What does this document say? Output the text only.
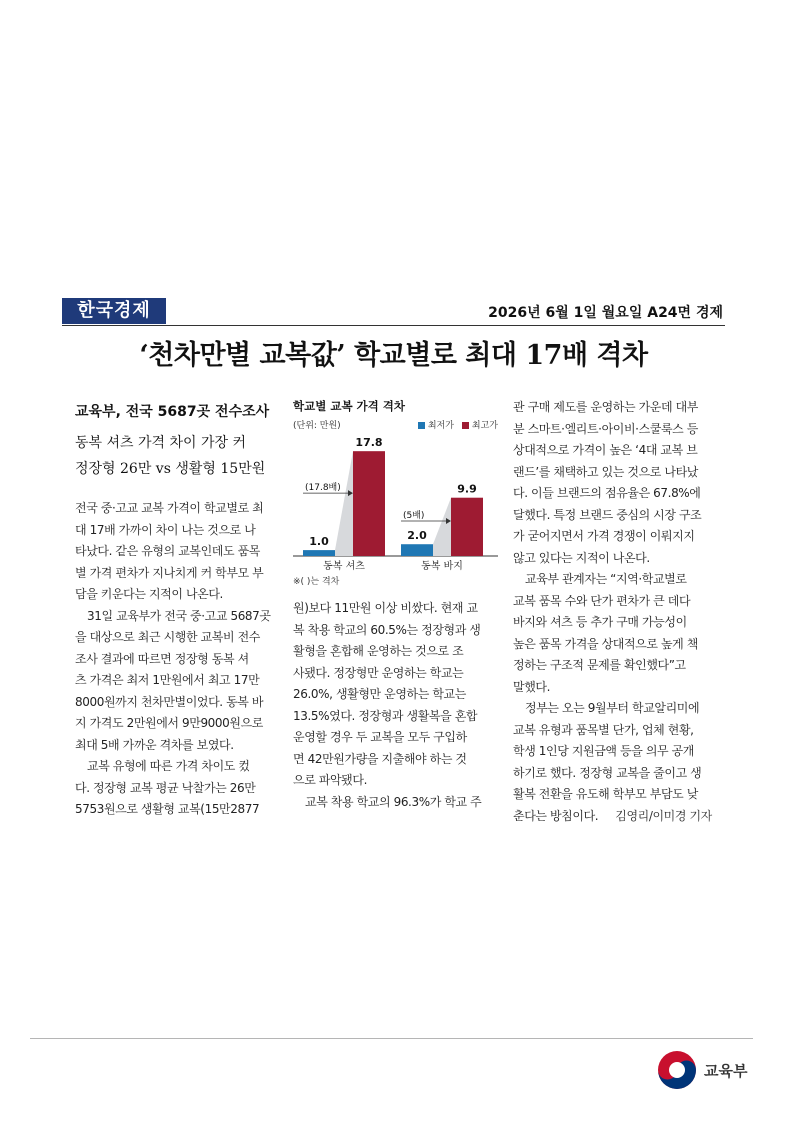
한국경제	2026년 6월 1일 월요일 A24면 경제
‘천차만별 교복값’ 학교별로 최대 17배 격차
교육부, 전국 5687곳 전수조사
동복 셔츠 가격 차이 가장 커
정장형 26만 vs 생활형 15만원

전국 중·고교 교복 가격이 학교별로 최

대 17배 가까이 차이 나는 것으로 나

타났다. 같은 유형의 교복인데도 품목

별 가격 편차가 지나치게 커 학부모 부

담을 키운다는 지적이 나온다.

31일 교육부가 전국 중·고교 5687곳

을 대상으로 최근 시행한 교복비 전수

조사 결과에 따르면 정장형 동복 셔

츠 가격은 최저 1만원에서 최고 17만

8000원까지 천차만별이었다. 동복 바

지 가격도 2만원에서 9만9000원으로

최대 5배 가까운 격차를 보였다.

교복 유형에 따른 가격 차이도 컸

다. 정장형 교복 평균 낙찰가는 26만

5753원으로 생활형 교복(15만2877

학교별 교복 가격 격차
(단위: 만원)	최저가	최고가
1.0
17.8
(17.8배)
동복 셔츠
2.0
9.9
(5배)
동복 바지
※( )는 격차

원)보다 11만원 이상 비쌌다. 현재 교

복 착용 학교의 60.5%는 정장형과 생

활형을 혼합해 운영하는 것으로 조

사됐다. 정장형만 운영하는 학교는

26.0%, 생활형만 운영하는 학교는

13.5%였다. 정장형과 생활복을 혼합

운영할 경우 두 교복을 모두 구입하

면 42만원가량을 지출해야 하는 것

으로 파악됐다.

교복 착용 학교의 96.3%가 학교 주

관 구매 제도를 운영하는 가운데 대부

분 스마트·엘리트·아이비·스쿨룩스 등

상대적으로 가격이 높은 ‘4대 교복 브

랜드’를 채택하고 있는 것으로 나타났

다. 이들 브랜드의 점유율은 67.8%에

달했다. 특정 브랜드 중심의 시장 구조

가 굳어지면서 가격 경쟁이 이뤄지지

않고 있다는 지적이 나온다.

교육부 관계자는 “지역·학교별로

교복 품목 수와 단가 편차가 큰 데다

바지와 셔츠 등 추가 구매 가능성이

높은 품목 가격을 상대적으로 높게 책

정하는 구조적 문제를 확인했다”고

말했다.

정부는 오는 9월부터 학교알리미에

교복 유형과 품목별 단가, 업체 현황,

학생 1인당 지원금액 등을 의무 공개

하기로 했다. 정장형 교복을 줄이고 생

활복 전환을 유도해 학부모 부담도 낮

춘다는 방침이다. 김영리/이미경 기자

교육부
